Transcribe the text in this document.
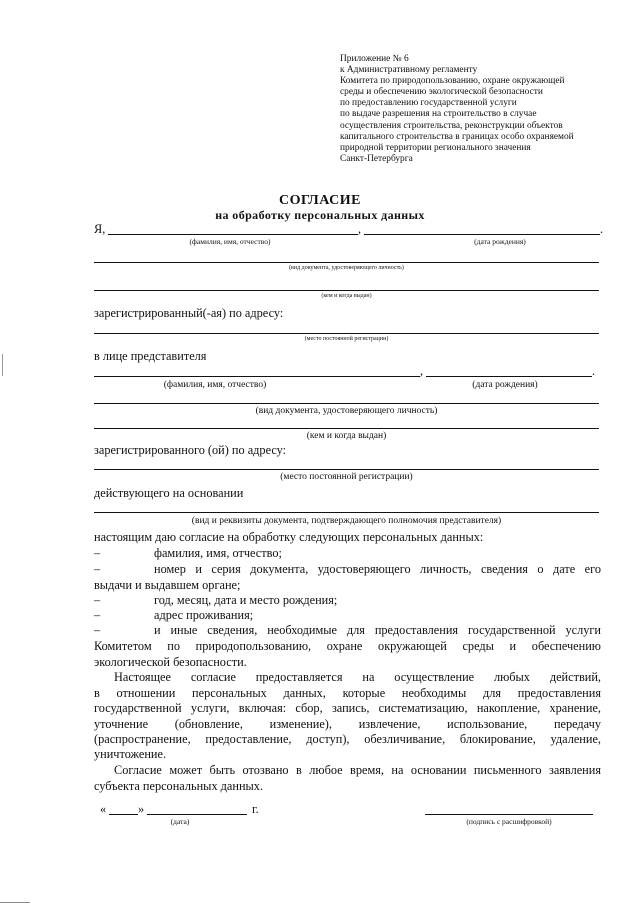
Приложение № 6
к Административному регламенту
Комитета по природопользованию, охране окружающей
среды и обеспечению экологической безопасности
по предоставлению государственной услуги
по выдаче разрешения на строительство в случае
осуществления строительства, реконструкции объектов
капитального строительства в границах особо охраняемой
природной территории регионального значения
Санкт-Петербурга
СОГЛАСИЕ
на обработку персональных данных
Я,	,	.
(фамилия, имя, отчество)	(дата рождения)
(вид документа, удостоверяющего личность)
(кем и когда выдан)
зарегистрированный(-ая) по адресу:
(место постоянной регистрации)
в лице представителя
,	.
(фамилия, имя, отчество)	(дата рождения)
(вид документа, удостоверяющего личность)
(кем и когда выдан)
зарегистрированного (ой) по адресу:
(место постоянной регистрации)
действующего на основании
(вид и реквизиты документа, подтверждающего полномочия представителя)
настоящим даю согласие на обработку следующих персональных данных:
–	фамилия, имя, отчество;
–	номер и серия документа, удостоверяющего личность, сведения о дате его
выдачи и выдавшем органе;
–	год, месяц, дата и место рождения;
–	адрес проживания;
–	и иные сведения, необходимые для предоставления государственной услуги
Комитетом по природопользованию, охране окружающей среды и обеспечению
экологической безопасности.
Настоящее согласие предоставляется на осуществление любых действий,
в отношении персональных данных, которые необходимы для предоставления
государственной услуги, включая: сбор, запись, систематизацию, накопление, хранение,
уточнение (обновление, изменение), извлечение, использование, передачу
(распространение, предоставление, доступ), обезличивание, блокирование, удаление,
уничтожение.
Согласие может быть отозвано в любое время, на основании письменного заявления
субъекта персональных данных.
«	»	г.
(дата)	(подпись с расшифровкой)
